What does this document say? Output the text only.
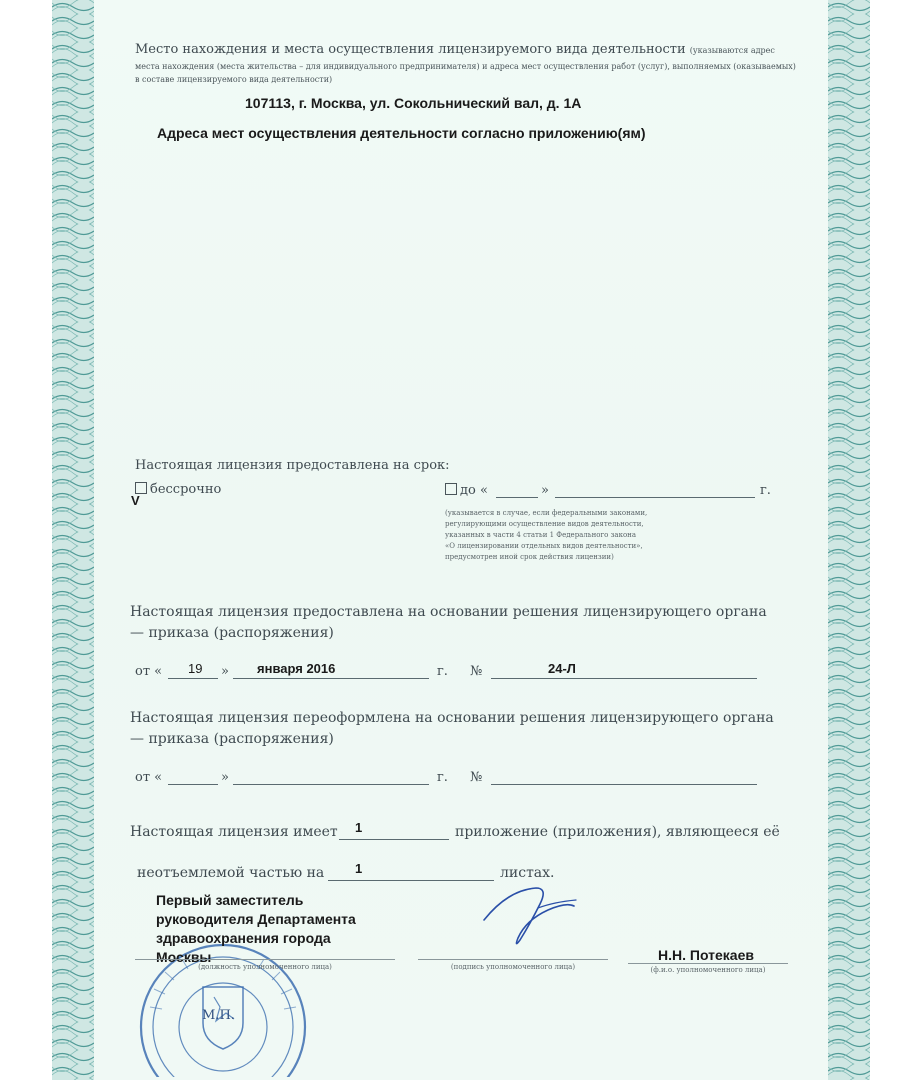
Место нахождения и места осуществления лицензируемого вида деятельности (указываются адрес
места нахождения (места жительства – для индивидуального предпринимателя) и адреса мест осуществления работ (услуг), выполняемых (оказываемых)
в составе лицензируемого вида деятельности)
107113, г. Москва, ул. Сокольнический вал, д. 1А
Адреса мест осуществления деятельности согласно приложению(ям)
Настоящая лицензия предоставлена на срок:
бессрочно
V
до «	»	г.
(указывается в случае, если федеральными законами,
регулирующими осуществление видов деятельности,
указанных в части 4 статьи 1 Федерального закона
«О лицензировании отдельных видов деятельности»,
предусмотрен иной срок действия лицензии)
Настоящая лицензия предоставлена на основании решения лицензирующего органа
— приказа (распоряжения)
от « 19 » января 2016	г. №	24-Л
Настоящая лицензия переоформлена на основании решения лицензирующего органа
— приказа (распоряжения)
от «	»	г. №
Настоящая лицензия имеет 1	приложение (приложения), являющееся её
неотъемлемой частью на 1	листах.
М.П.
Первый заместитель
руководителя Департамента
здравоохранения города
Москвы
(должность уполномоченного лица)	(подпись уполномоченного лица)
Н.Н. Потекаев
(ф.и.о. уполномоченного лица)
